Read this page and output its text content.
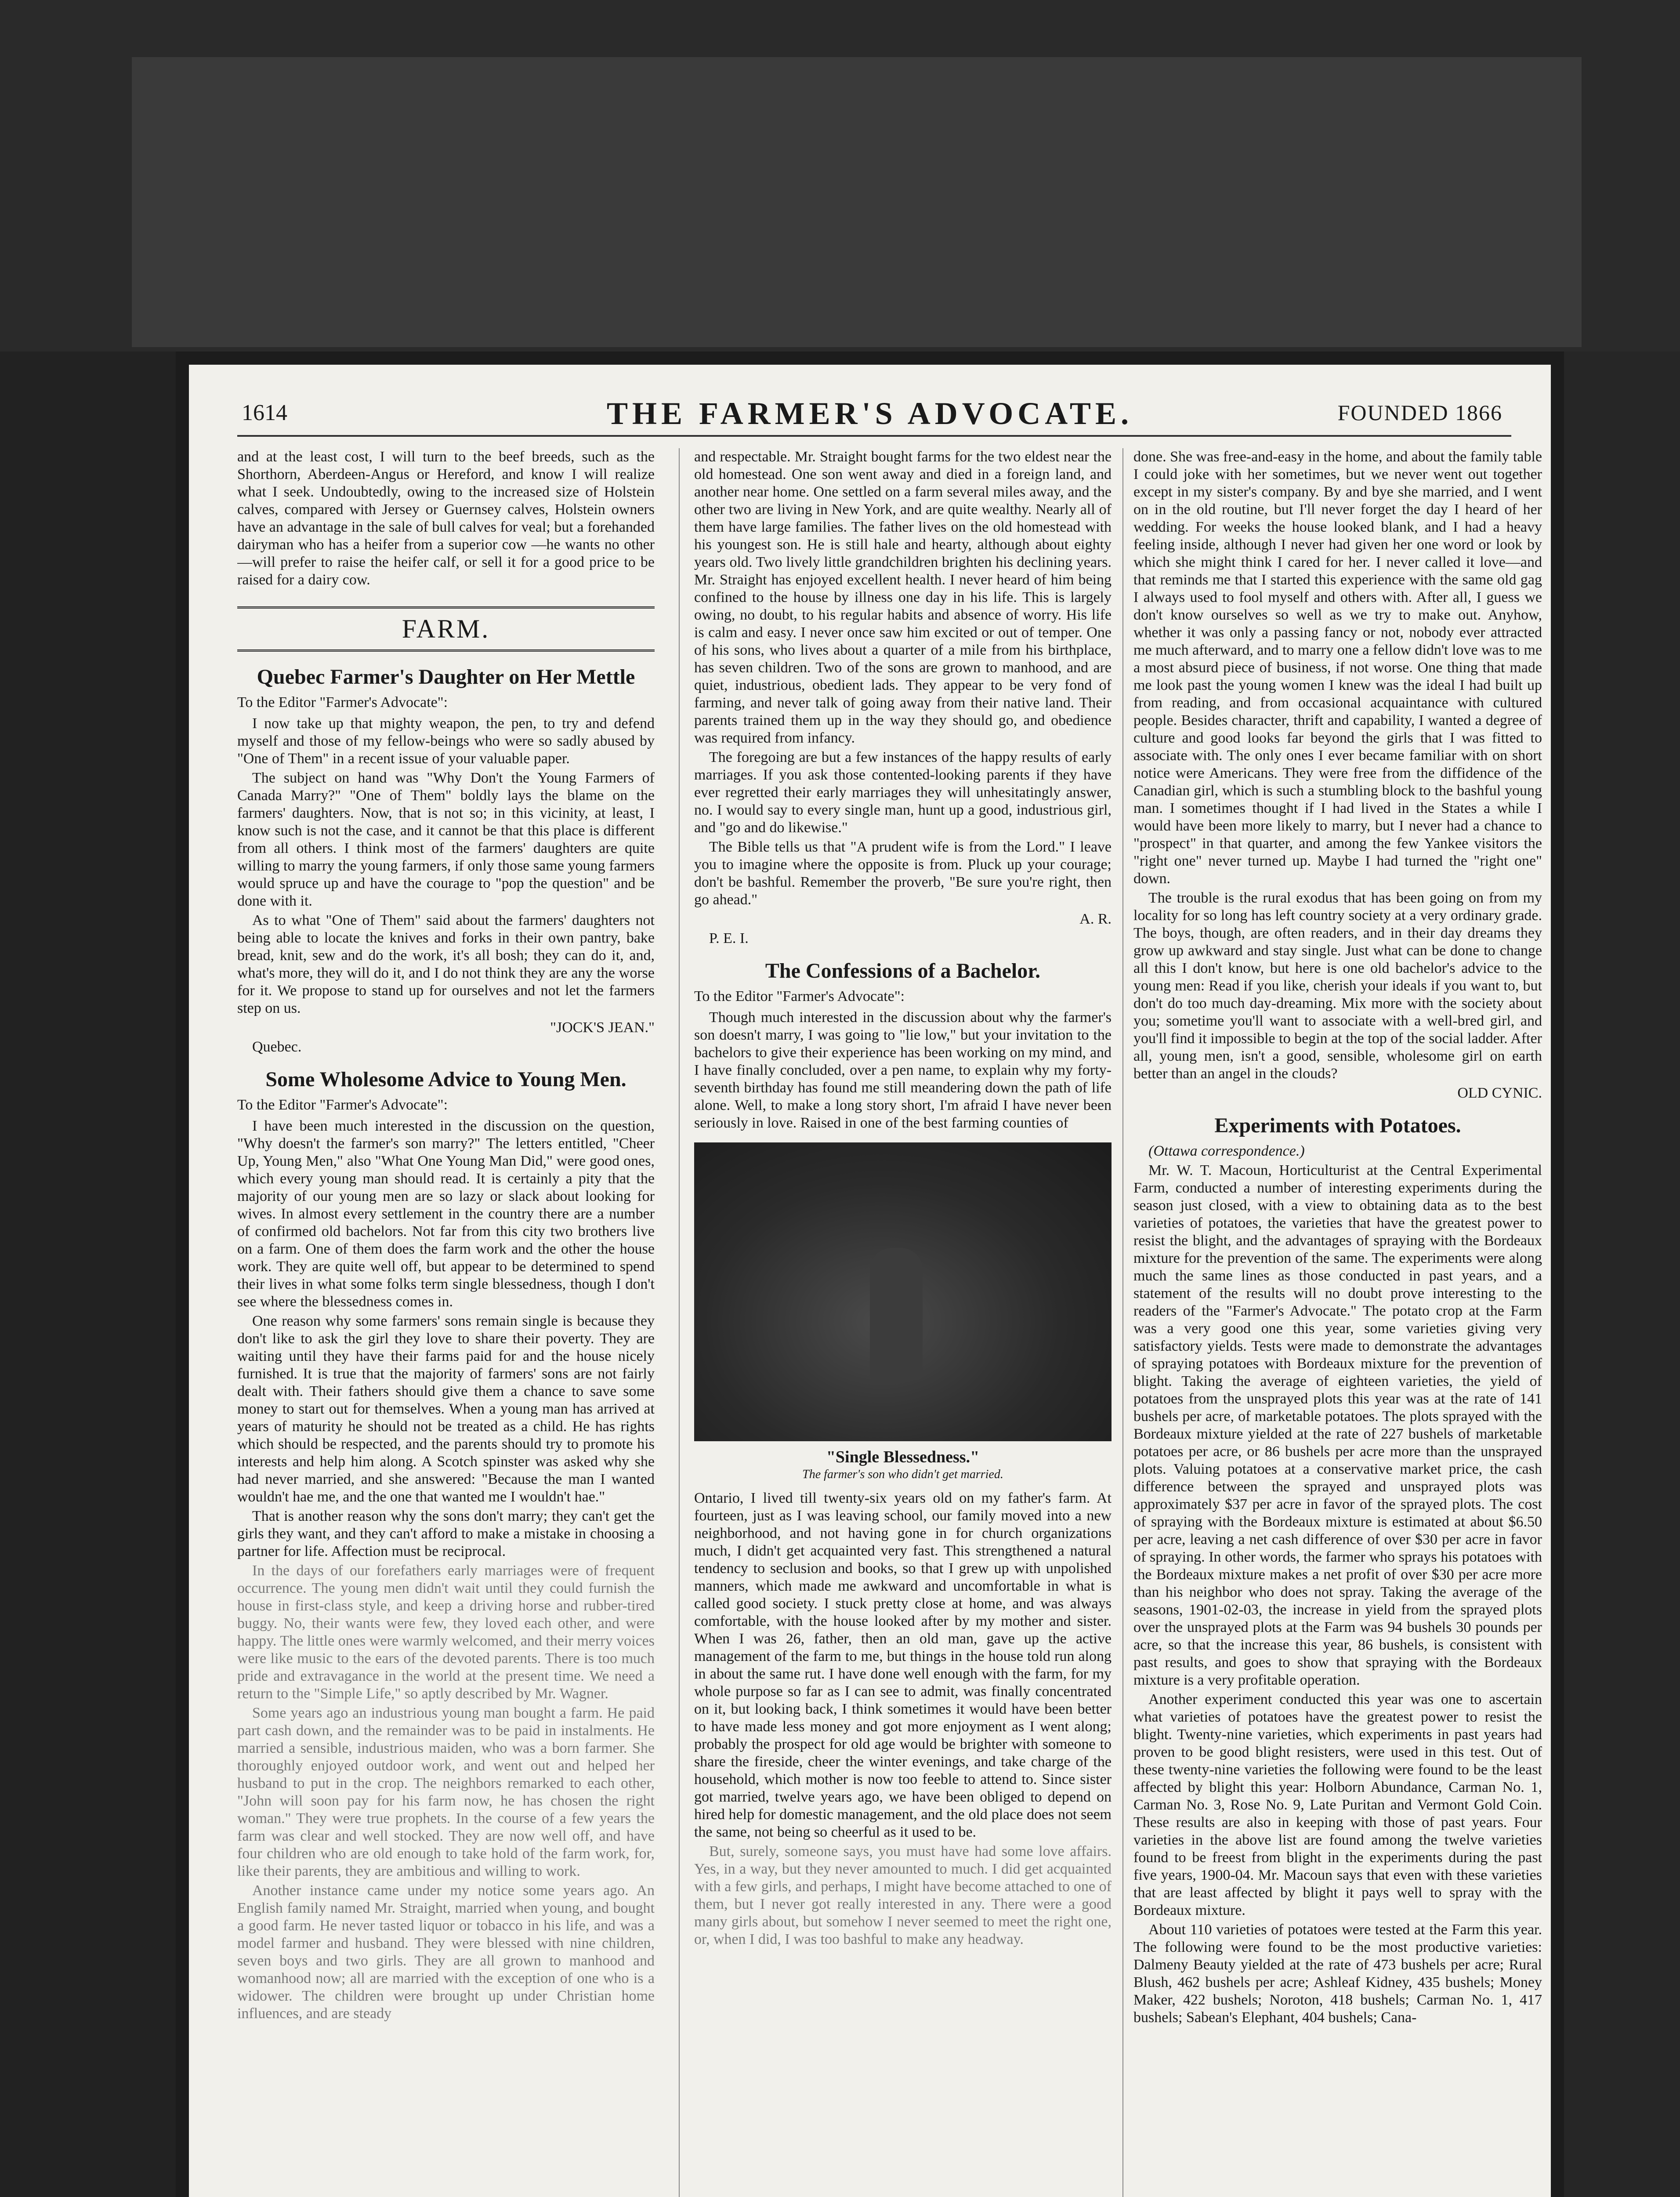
1614	THE FARMER'S ADVOCATE.	FOUNDED 1866

and at the least cost, I will turn to the beef breeds, such as the Shorthorn, Aberdeen-Angus or Hereford, and know I will realize what I seek. Undoubtedly, owing to the increased size of Holstein calves, compared with Jersey or Guernsey calves, Holstein owners have an advantage in the sale of bull calves for veal; but a forehanded dairyman who has a heifer from a superior cow —he wants no other—will prefer to raise the heifer calf, or sell it for a good price to be raised for a dairy cow.

FARM.
Quebec Farmer's Daughter on Her Mettle

To the Editor "Farmer's Advocate":

I now take up that mighty weapon, the pen, to try and defend myself and those of my fellow-beings who were so sadly abused by "One of Them" in a recent issue of your valuable paper.

The subject on hand was "Why Don't the Young Farmers of Canada Marry?" "One of Them" boldly lays the blame on the farmers' daughters. Now, that is not so; in this vicinity, at least, I know such is not the case, and it cannot be that this place is different from all others. I think most of the farmers' daughters are quite willing to marry the young farmers, if only those same young farmers would spruce up and have the courage to "pop the question" and be done with it.

As to what "One of Them" said about the farmers' daughters not being able to locate the knives and forks in their own pantry, bake bread, knit, sew and do the work, it's all bosh; they can do it, and, what's more, they will do it, and I do not think they are any the worse for it. We propose to stand up for ourselves and not let the farmers step on us.

"JOCK'S JEAN."

Quebec.

Some Wholesome Advice to Young Men.

To the Editor "Farmer's Advocate":

I have been much interested in the discussion on the question, "Why doesn't the farmer's son marry?" The letters entitled, "Cheer Up, Young Men," also "What One Young Man Did," were good ones, which every young man should read. It is certainly a pity that the majority of our young men are so lazy or slack about looking for wives. In almost every settlement in the country there are a number of confirmed old bachelors. Not far from this city two brothers live on a farm. One of them does the farm work and the other the house work. They are quite well off, but appear to be determined to spend their lives in what some folks term single blessedness, though I don't see where the blessedness comes in.

One reason why some farmers' sons remain single is because they don't like to ask the girl they love to share their poverty. They are waiting until they have their farms paid for and the house nicely furnished. It is true that the majority of farmers' sons are not fairly dealt with. Their fathers should give them a chance to save some money to start out for themselves. When a young man has arrived at years of maturity he should not be treated as a child. He has rights which should be respected, and the parents should try to promote his interests and help him along. A Scotch spinster was asked why she had never married, and she answered: "Because the man I wanted wouldn't hae me, and the one that wanted me I wouldn't hae."

That is another reason why the sons don't marry; they can't get the girls they want, and they can't afford to make a mistake in choosing a partner for life. Affection must be reciprocal.

In the days of our forefathers early marriages were of frequent occurrence. The young men didn't wait until they could furnish the house in first-class style, and keep a driving horse and rubber-tired buggy. No, their wants were few, they loved each other, and were happy. The little ones were warmly welcomed, and their merry voices were like music to the ears of the devoted parents. There is too much pride and extravagance in the world at the present time. We need a return to the "Simple Life," so aptly described by Mr. Wagner.

Some years ago an industrious young man bought a farm. He paid part cash down, and the remainder was to be paid in instalments. He married a sensible, industrious maiden, who was a born farmer. She thoroughly enjoyed outdoor work, and went out and helped her husband to put in the crop. The neighbors remarked to each other, "John will soon pay for his farm now, he has chosen the right woman." They were true prophets. In the course of a few years the farm was clear and well stocked. They are now well off, and have four children who are old enough to take hold of the farm work, for, like their parents, they are ambitious and willing to work.

Another instance came under my notice some years ago. An English family named Mr. Straight, married when young, and bought a good farm. He never tasted liquor or tobacco in his life, and was a model farmer and husband. They were blessed with nine children, seven boys and two girls. They are all grown to manhood and womanhood now; all are married with the exception of one who is a widower. The children were brought up under Christian home influences, and are steady

and respectable. Mr. Straight bought farms for the two eldest near the old homestead. One son went away and died in a foreign land, and another near home. One settled on a farm several miles away, and the other two are living in New York, and are quite wealthy. Nearly all of them have large families. The father lives on the old homestead with his youngest son. He is still hale and hearty, although about eighty years old. Two lively little grandchildren brighten his declining years. Mr. Straight has enjoyed excellent health. I never heard of him being confined to the house by illness one day in his life. This is largely owing, no doubt, to his regular habits and absence of worry. His life is calm and easy. I never once saw him excited or out of temper. One of his sons, who lives about a quarter of a mile from his birthplace, has seven children. Two of the sons are grown to manhood, and are quiet, industrious, obedient lads. They appear to be very fond of farming, and never talk of going away from their native land. Their parents trained them up in the way they should go, and obedience was required from infancy.

The foregoing are but a few instances of the happy results of early marriages. If you ask those contented-looking parents if they have ever regretted their early marriages they will unhesitatingly answer, no. I would say to every single man, hunt up a good, industrious girl, and "go and do likewise."

The Bible tells us that "A prudent wife is from the Lord." I leave you to imagine where the opposite is from. Pluck up your courage; don't be bashful. Remember the proverb, "Be sure you're right, then go ahead."

A. R.

P. E. I.

The Confessions of a Bachelor.

To the Editor "Farmer's Advocate":

Though much interested in the discussion about why the farmer's son doesn't marry, I was going to "lie low," but your invitation to the bachelors to give their experience has been working on my mind, and I have finally concluded, over a pen name, to explain why my forty-seventh birthday has found me still meandering down the path of life alone. Well, to make a long story short, I'm afraid I have never been seriously in love. Raised in one of the best farming counties of

"Single Blessedness."
The farmer's son who didn't get married.

Ontario, I lived till twenty-six years old on my father's farm. At fourteen, just as I was leaving school, our family moved into a new neighborhood, and not having gone in for church organizations much, I didn't get acquainted very fast. This strengthened a natural tendency to seclusion and books, so that I grew up with unpolished manners, which made me awkward and uncomfortable in what is called good society. I stuck pretty close at home, and was always comfortable, with the house looked after by my mother and sister. When I was 26, father, then an old man, gave up the active management of the farm to me, but things in the house told run along in about the same rut. I have done well enough with the farm, for my whole purpose so far as I can see to admit, was finally concentrated on it, but looking back, I think sometimes it would have been better to have made less money and got more enjoyment as I went along; probably the prospect for old age would be brighter with someone to share the fireside, cheer the winter evenings, and take charge of the household, which mother is now too feeble to attend to. Since sister got married, twelve years ago, we have been obliged to depend on hired help for domestic management, and the old place does not seem the same, not being so cheerful as it used to be.

But, surely, someone says, you must have had some love affairs. Yes, in a way, but they never amounted to much. I did get acquainted with a few girls, and perhaps, I might have become attached to one of them, but I never got really interested in any. There were a good many girls about, but somehow I never seemed to meet the right one, or, when I did, I was too bashful to make any headway.

done. She was free-and-easy in the home, and about the family table I could joke with her sometimes, but we never went out together except in my sister's company. By and bye she married, and I went on in the old routine, but I'll never forget the day I heard of her wedding. For weeks the house looked blank, and I had a heavy feeling inside, although I never had given her one word or look by which she might think I cared for her. I never called it love—and that reminds me that I started this experience with the same old gag I always used to fool myself and others with. After all, I guess we don't know ourselves so well as we try to make out. Anyhow, whether it was only a passing fancy or not, nobody ever attracted me much afterward, and to marry one a fellow didn't love was to me a most absurd piece of business, if not worse. One thing that made me look past the young women I knew was the ideal I had built up from reading, and from occasional acquaintance with cultured people. Besides character, thrift and capability, I wanted a degree of culture and good looks far beyond the girls that I was fitted to associate with. The only ones I ever became familiar with on short notice were Americans. They were free from the diffidence of the Canadian girl, which is such a stumbling block to the bashful young man. I sometimes thought if I had lived in the States a while I would have been more likely to marry, but I never had a chance to "prospect" in that quarter, and among the few Yankee visitors the "right one" never turned up. Maybe I had turned the "right one" down.

The trouble is the rural exodus that has been going on from my locality for so long has left country society at a very ordinary grade. The boys, though, are often readers, and in their day dreams they grow up awkward and stay single. Just what can be done to change all this I don't know, but here is one old bachelor's advice to the young men: Read if you like, cherish your ideals if you want to, but don't do too much day-dreaming. Mix more with the society about you; sometime you'll want to associate with a well-bred girl, and you'll find it impossible to begin at the top of the social ladder. After all, young men, isn't a good, sensible, wholesome girl on earth better than an angel in the clouds?

OLD CYNIC.

Experiments with Potatoes.

(Ottawa correspondence.)

Mr. W. T. Macoun, Horticulturist at the Central Experimental Farm, conducted a number of interesting experiments during the season just closed, with a view to obtaining data as to the best varieties of potatoes, the varieties that have the greatest power to resist the blight, and the advantages of spraying with the Bordeaux mixture for the prevention of the same. The experiments were along much the same lines as those conducted in past years, and a statement of the results will no doubt prove interesting to the readers of the "Farmer's Advocate." The potato crop at the Farm was a very good one this year, some varieties giving very satisfactory yields. Tests were made to demonstrate the advantages of spraying potatoes with Bordeaux mixture for the prevention of blight. Taking the average of eighteen varieties, the yield of potatoes from the unsprayed plots this year was at the rate of 141 bushels per acre, of marketable potatoes. The plots sprayed with the Bordeaux mixture yielded at the rate of 227 bushels of marketable potatoes per acre, or 86 bushels per acre more than the unsprayed plots. Valuing potatoes at a conservative market price, the cash difference between the sprayed and unsprayed plots was approximately $37 per acre in favor of the sprayed plots. The cost of spraying with the Bordeaux mixture is estimated at about $6.50 per acre, leaving a net cash difference of over $30 per acre in favor of spraying. In other words, the farmer who sprays his potatoes with the Bordeaux mixture makes a net profit of over $30 per acre more than his neighbor who does not spray. Taking the average of the seasons, 1901-02-03, the increase in yield from the sprayed plots over the unsprayed plots at the Farm was 94 bushels 30 pounds per acre, so that the increase this year, 86 bushels, is consistent with past results, and goes to show that spraying with the Bordeaux mixture is a very profitable operation.

Another experiment conducted this year was one to ascertain what varieties of potatoes have the greatest power to resist the blight. Twenty-nine varieties, which experiments in past years had proven to be good blight resisters, were used in this test. Out of these twenty-nine varieties the following were found to be the least affected by blight this year: Holborn Abundance, Carman No. 1, Carman No. 3, Rose No. 9, Late Puritan and Vermont Gold Coin. These results are also in keeping with those of past years. Four varieties in the above list are found among the twelve varieties found to be freest from blight in the experiments during the past five years, 1900-04. Mr. Macoun says that even with these varieties that are least affected by blight it pays well to spray with the Bordeaux mixture.

About 110 varieties of potatoes were tested at the Farm this year. The following were found to be the most productive varieties: Dalmeny Beauty yielded at the rate of 473 bushels per acre; Rural Blush, 462 bushels per acre; Ashleaf Kidney, 435 bushels; Money Maker, 422 bushels; Noroton, 418 bushels; Carman No. 1, 417 bushels; Sabean's Elephant, 404 bushels; Cana-
